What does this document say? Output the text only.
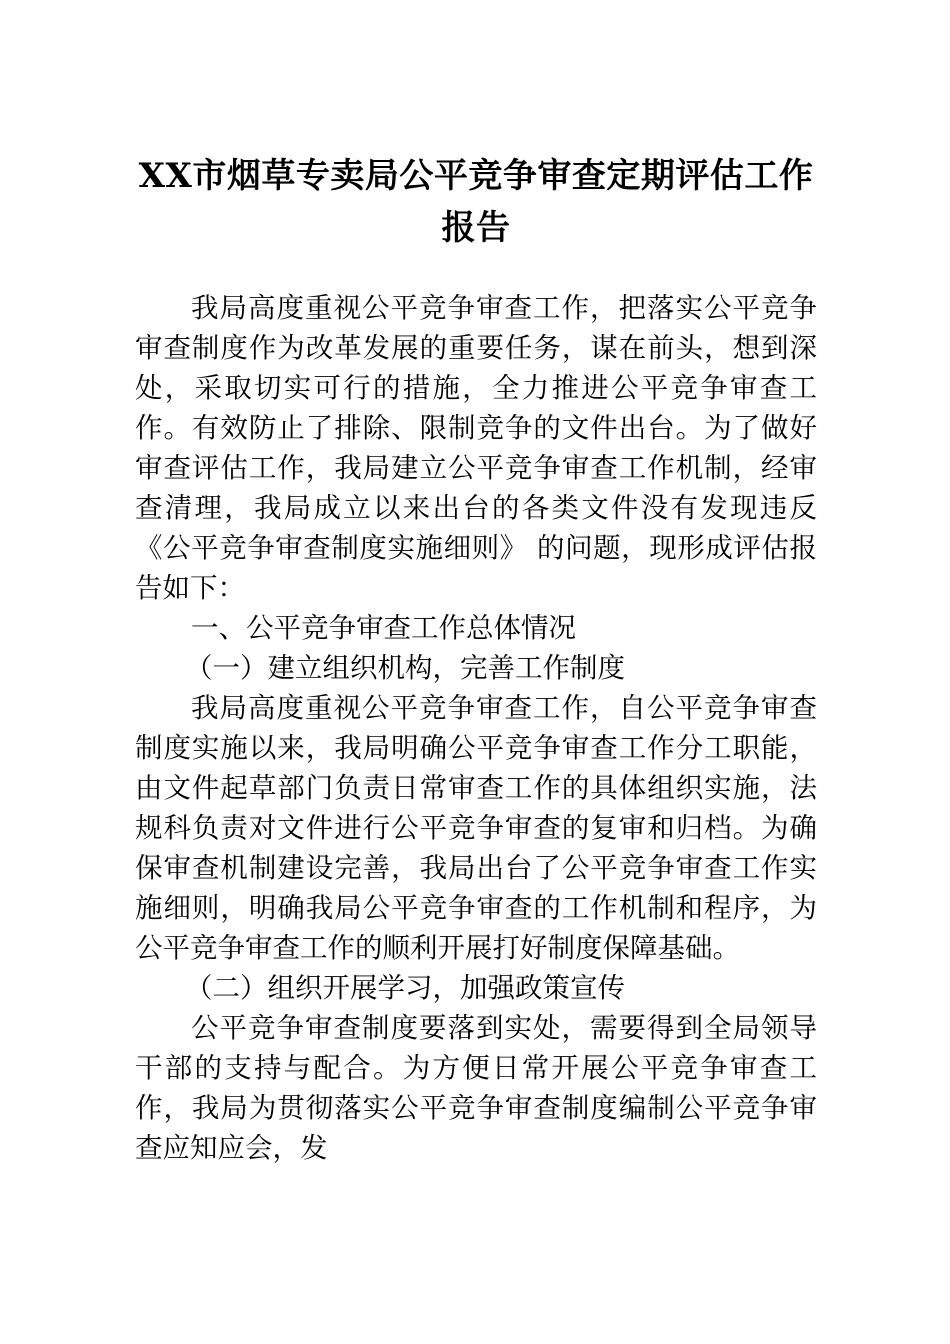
XX市烟草专卖局公平竞争审查定期评估工作报告

我局高度重视公平竞争审查工作，把落实公平竞争审查制度作为改革发展的重要任务，谋在前头，想到深处，采取切实可行的措施，全力推进公平竞争审查工作。有效防止了排除、限制竞争的文件出台。为了做好审查评估工作，我局建立公平竞争审查工作机制，经审查清理，我局成立以来出台的各类文件没有发现违反《公平竞争审查制度实施细则》 的问题，现形成评估报告如下：

一、公平竞争审查工作总体情况

（一）建立组织机构，完善工作制度

我局高度重视公平竞争审查工作，自公平竞争审查制度实施以来，我局明确公平竞争审查工作分工职能，由文件起草部门负责日常审查工作的具体组织实施，法规科负责对文件进行公平竞争审查的复审和归档。为确保审查机制建设完善，我局出台了公平竞争审查工作实施细则，明确我局公平竞争审查的工作机制和程序，为公平竞争审查工作的顺利开展打好制度保障基础。

（二）组织开展学习，加强政策宣传

公平竞争审查制度要落到实处，需要得到全局领导干部的支持与配合。为方便日常开展公平竞争审查工作，我局为贯彻落实公平竞争审查制度编制公平竞争审查应知应会，发
